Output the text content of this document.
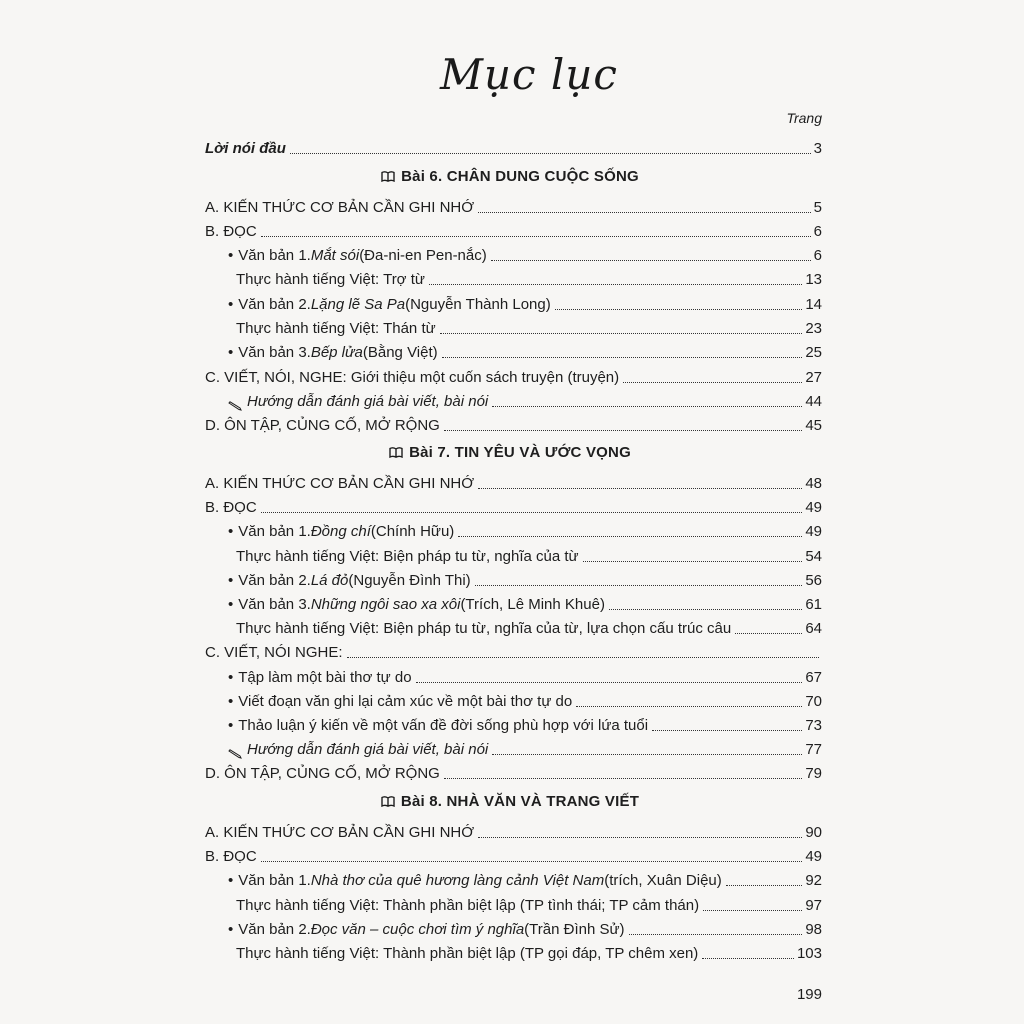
Mục lục
Trang
Lời nói đầu	3
Bài 6. CHÂN DUNG CUỘC SỐNG
A. KIẾN THỨC CƠ BẢN CẦN GHI NHỚ	5
B. ĐỌC	6
• Văn bản 1. Mắt sói (Đa-ni-en Pen-nắc)	6
Thực hành tiếng Việt: Trợ từ	13
• Văn bản 2. Lặng lẽ Sa Pa (Nguyễn Thành Long)	14
Thực hành tiếng Việt: Thán từ	23
• Văn bản 3. Bếp lửa (Bằng Việt)	25
C. VIẾT, NÓI, NGHE: Giới thiệu một cuốn sách truyện (truyện)	27
Hướng dẫn đánh giá bài viết, bài nói	44
D. ÔN TẬP, CỦNG CỐ, MỞ RỘNG	45
Bài 7. TIN YÊU VÀ ƯỚC VỌNG
A. KIẾN THỨC CƠ BẢN CẦN GHI NHỚ	48
B. ĐỌC	49
• Văn bản 1. Đồng chí (Chính Hữu)	49
Thực hành tiếng Việt: Biện pháp tu từ, nghĩa của từ	54
• Văn bản 2. Lá đỏ (Nguyễn Đình Thi)	56
• Văn bản 3. Những ngôi sao xa xôi (Trích, Lê Minh Khuê)	61
Thực hành tiếng Việt: Biện pháp tu từ, nghĩa của từ, lựa chọn cấu trúc câu	64
C. VIẾT, NÓI NGHE:
• Tập làm một bài thơ tự do	67
• Viết đoạn văn ghi lại cảm xúc về một bài thơ tự do	70
• Thảo luận ý kiến về một vấn đề đời sống phù hợp với lứa tuổi	73
Hướng dẫn đánh giá bài viết, bài nói	77
D. ÔN TẬP, CỦNG CỐ, MỞ RỘNG	79
Bài 8. NHÀ VĂN VÀ TRANG VIẾT
A. KIẾN THỨC CƠ BẢN CẦN GHI NHỚ	90
B. ĐỌC	49
• Văn bản 1. Nhà thơ của quê hương làng cảnh Việt Nam (trích, Xuân Diệu)	92
Thực hành tiếng Việt: Thành phần biệt lập (TP tình thái; TP cảm thán)	97
• Văn bản 2. Đọc văn – cuộc chơi tìm ý nghĩa (Trần Đình Sử)	98
Thực hành tiếng Việt: Thành phần biệt lập (TP gọi đáp, TP chêm xen)	103
199
